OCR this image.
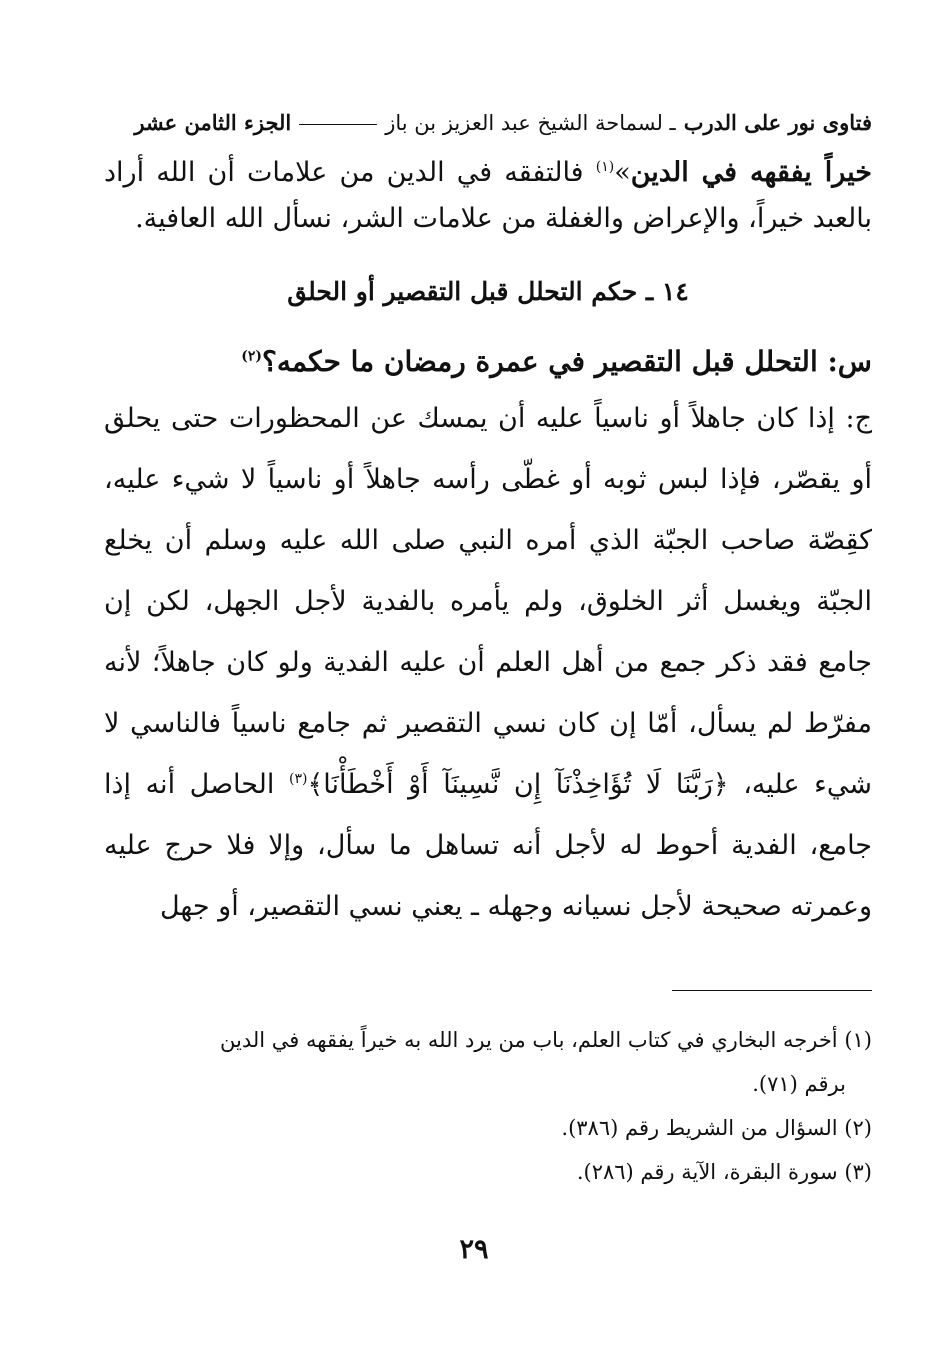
فتاوى نور على الدرب
ـ لسماحة الشيخ عبد العزيز بن باز
الجزء الثامن عشر

خيراً يفقهه في الدين»$^{(١)}$ فالتفقه في الدين من علامات أن الله أراد بالعبد خيراً، والإعراض والغفلة من علامات الشر، نسأل الله العافية.

١٤ ـ حكم التحلل قبل التقصير أو الحلق

س: التحلل قبل التقصير في عمرة رمضان ما حكمه؟$^{(٢)}$

ج: إذا كان جاهلاً أو ناسياً عليه أن يمسك عن المحظورات حتى يحلق أو يقصّر، فإذا لبس ثوبه أو غطّى رأسه جاهلاً أو ناسياً لا شيء عليه، كقِصّة صاحب الجبّة الذي أمره النبي صلى الله عليه وسلم أن يخلع الجبّة ويغسل أثر الخلوق، ولم يأمره بالفدية لأجل الجهل، لكن إن جامع فقد ذكر جمع من أهل العلم أن عليه الفدية ولو كان جاهلاً؛ لأنه مفرّط لم يسأل، أمّا إن كان نسي التقصير ثم جامع ناسياً فالناسي لا شيء عليه، ﴿رَبَّنَا لَا تُؤَاخِذْنَآ إِن نَّسِينَآ أَوْ أَخْطَأْنَا﴾$^{(٣)}$ الحاصل أنه إذا جامع، الفدية أحوط له لأجل أنه تساهل ما سأل، وإلا فلا حرج عليه وعمرته صحيحة لأجل نسيانه وجهله ـ يعني نسي التقصير، أو جهل

(١) أخرجه البخاري في كتاب العلم، باب من يرد الله به خيراً يفقهه في الدين

برقم (٧١).

(٢) السؤال من الشريط رقم (٣٨٦).

(٣) سورة البقرة، الآية رقم (٢٨٦).

٢٩
